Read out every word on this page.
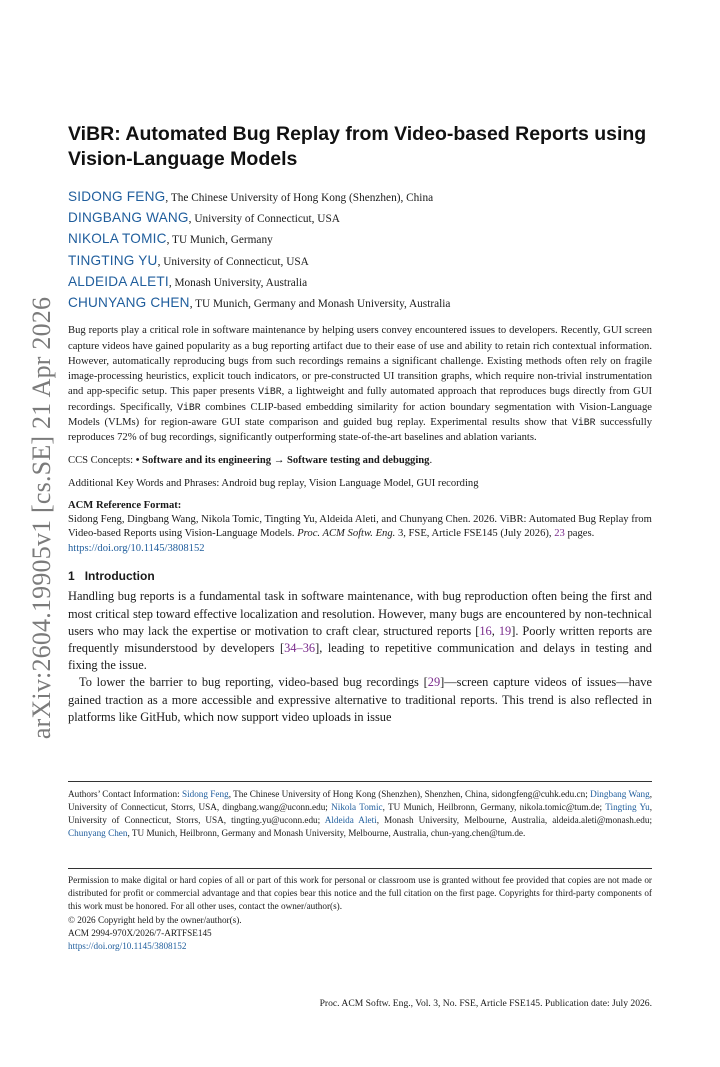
arXiv:2604.19905v1 [cs.SE] 21 Apr 2026
ViBR: Automated Bug Replay from Video-based Reports using Vision-Language Models
SIDONG FENG, The Chinese University of Hong Kong (Shenzhen), China
DINGBANG WANG, University of Connecticut, USA
NIKOLA TOMIC, TU Munich, Germany
TINGTING YU, University of Connecticut, USA
ALDEIDA ALETI, Monash University, Australia
CHUNYANG CHEN, TU Munich, Germany and Monash University, Australia

Bug reports play a critical role in software maintenance by helping users convey encountered issues to developers. Recently, GUI screen capture videos have gained popularity as a bug reporting artifact due to their ease of use and ability to retain rich contextual information. However, automatically reproducing bugs from such recordings remains a significant challenge. Existing methods often rely on fragile image-processing heuristics, explicit touch indicators, or pre-constructed UI transition graphs, which require non-trivial instrumentation and app-specific setup. This paper presents ViBR, a lightweight and fully automated approach that reproduces bugs directly from GUI recordings. Specifically, ViBR combines CLIP-based embedding similarity for action boundary segmentation with Vision-Language Models (VLMs) for region-aware GUI state comparison and guided bug replay. Experimental results show that ViBR successfully reproduces 72% of bug recordings, significantly outperforming state-of-the-art baselines and ablation variants.

CCS Concepts: • Software and its engineering → Software testing and debugging.

Additional Key Words and Phrases: Android bug replay, Vision Language Model, GUI recording

ACM Reference Format:

Sidong Feng, Dingbang Wang, Nikola Tomic, Tingting Yu, Aldeida Aleti, and Chunyang Chen. 2026. ViBR: Automated Bug Replay from Video-based Reports using Vision-Language Models. Proc. ACM Softw. Eng. 3, FSE, Article FSE145 (July 2026), 23 pages. https://doi.org/10.1145/3808152

1 Introduction

Handling bug reports is a fundamental task in software maintenance, with bug reproduction often being the first and most critical step toward effective localization and resolution. However, many bugs are encountered by non-technical users who may lack the expertise or motivation to craft clear, structured reports [16, 19]. Poorly written reports are frequently misunderstood by developers [34–36], leading to repetitive communication and delays in testing and fixing the issue.

To lower the barrier to bug reporting, video-based bug recordings [29]—screen capture videos of issues—have gained traction as a more accessible and expressive alternative to traditional reports. This trend is also reflected in platforms like GitHub, which now support video uploads in issue

Authors’ Contact Information: Sidong Feng, The Chinese University of Hong Kong (Shenzhen), Shenzhen, China, sidongfeng@cuhk.edu.cn; Dingbang Wang, University of Connecticut, Storrs, USA, dingbang.wang@uconn.edu; Nikola Tomic, TU Munich, Heilbronn, Germany, nikola.tomic@tum.de; Tingting Yu, University of Connecticut, Storrs, USA, tingting.yu@uconn.edu; Aldeida Aleti, Monash University, Melbourne, Australia, aldeida.aleti@monash.edu; Chunyang Chen, TU Munich, Heilbronn, Germany and Monash University, Melbourne, Australia, chun-yang.chen@tum.de.

Permission to make digital or hard copies of all or part of this work for personal or classroom use is granted without fee provided that copies are not made or distributed for profit or commercial advantage and that copies bear this notice and the full citation on the first page. Copyrights for third-party components of this work must be honored. For all other uses, contact the owner/author(s).

© 2026 Copyright held by the owner/author(s).
ACM 2994-970X/2026/7-ARTFSE145
https://doi.org/10.1145/3808152
Proc. ACM Softw. Eng., Vol. 3, No. FSE, Article FSE145. Publication date: July 2026.
